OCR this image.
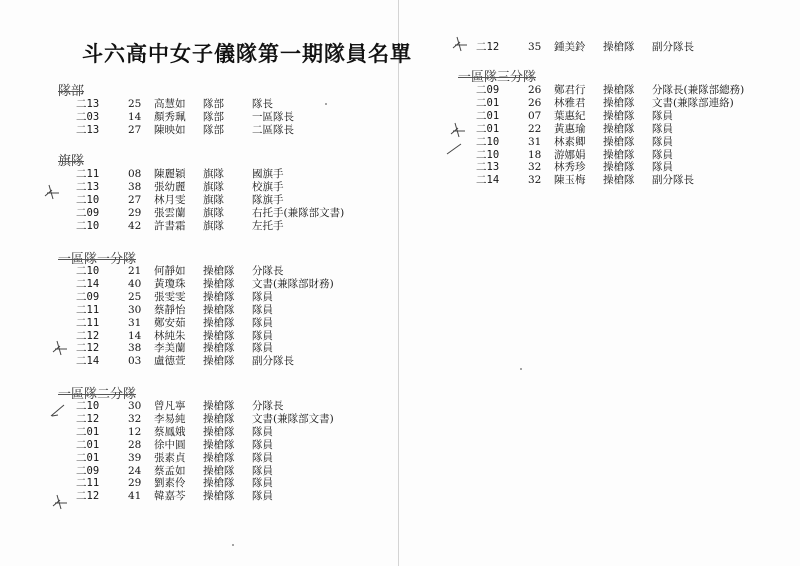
斗六高中女子儀隊第一期隊員名單
隊部
旗隊
一區隊一分隊
一區隊二分隊
一區隊三分隊
二13	25 高慧如 隊部	隊長
二03	14 顏秀珮 隊部	一區隊長
二13	27 陳映如 隊部	二區隊長
二11	08 陳麗穎 旗隊	國旗手
二13	38 張幼麗 旗隊	校旗手
二10	27 林月雯 旗隊	隊旗手
二09	29 張雲蘭 旗隊	右托手(兼隊部文書)
二10	42 許書霜 旗隊	左托手
二10	21 何靜如 操槍隊 分隊長
二14	40 黃瓊珠 操槍隊 文書(兼隊部財務)
二09	25 張雯雯 操槍隊 隊員
二11	30 蔡靜怡 操槍隊 隊員
二11	31 鄭安茹 操槍隊 隊員
二12	14 林純朱 操槍隊 隊員
二12	38 李美蘭 操槍隊 隊員
二14	03 盧德萱 操槍隊 副分隊長
二10	30 曾凡寧 操槍隊 分隊長
二12	32 李易純 操槍隊 文書(兼隊部文書)
二01	12 蔡鳳娥 操槍隊 隊員
二01	28 徐中圓 操槍隊 隊員
二01	39 張素貞 操槍隊 隊員
二09	24 蔡孟如 操槍隊 隊員
二11	29 劉素伶 操槍隊 隊員
二12	41 韓嘉芩 操槍隊 隊員
二12	35 鍾美鈴 操槍隊 副分隊長
二09	26 鄭君行 操槍隊 分隊長(兼隊部總務)
二01	26 林雅君 操槍隊 文書(兼隊部連絡)
二01	07 葉惠紀 操槍隊 隊員
二01	22 黃惠瑜 操槍隊 隊員
二10	31 林素卿 操槍隊 隊員
二10	18 游娜娟 操槍隊 隊員
二13	32 林秀珍 操槍隊 隊員
二14	32 陳玉梅 操槍隊 副分隊長
